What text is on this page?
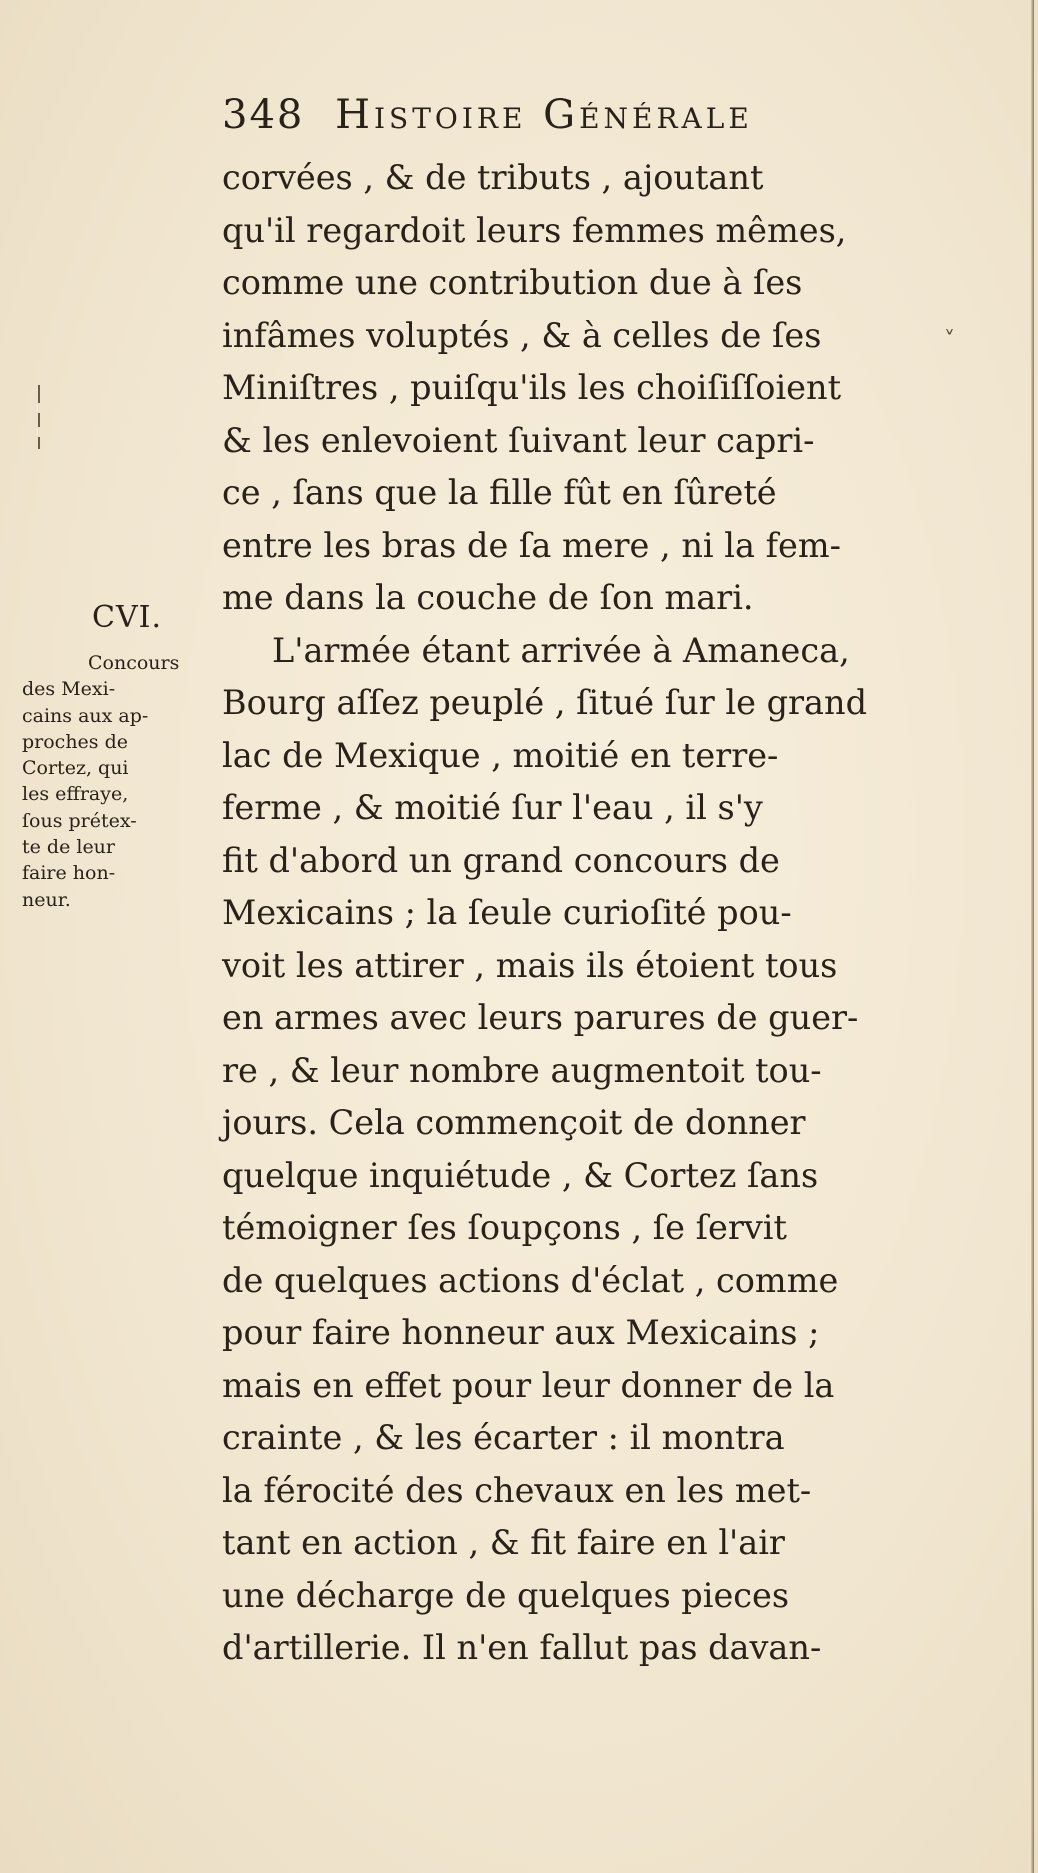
348 Histoire Générale
˅
corvées , & de tributs , ajoutant
qu'il regardoit leurs femmes mêmes,
comme une contribution due à ſes
infâmes voluptés , & à celles de ſes
Miniſtres , puiſqu'ils les choiſiſſoient
& les enlevoient ſuivant leur capri-
ce , ſans que la fille fût en ſûreté
entre les bras de ſa mere , ni la fem-
me dans la couche de ſon mari.
L'armée étant arrivée à Amaneca,
Bourg aſſez peuplé , ſitué ſur le grand
lac de Mexique , moitié en terre-
ferme , & moitié ſur l'eau , il s'y
fit d'abord un grand concours de
Mexicains ; la ſeule curioſité pou-
voit les attirer , mais ils étoient tous
en armes avec leurs parures de guer-
re , & leur nombre augmentoit tou-
jours. Cela commençoit de donner
quelque inquiétude , & Cortez ſans
témoigner ſes ſoupçons , ſe ſervit
de quelques actions d'éclat , comme
pour faire honneur aux Mexicains ;
mais en effet pour leur donner de la
crainte , & les écarter : il montra
la férocité des chevaux en les met-
tant en action , & fit faire en l'air
une décharge de quelques pieces
d'artillerie. Il n'en fallut pas davan-
CVI.
Concours
des Mexi-
cains aux ap-
proches de
Cortez, qui
les effraye,
ſous prétex-
te de leur
faire hon-
neur.
